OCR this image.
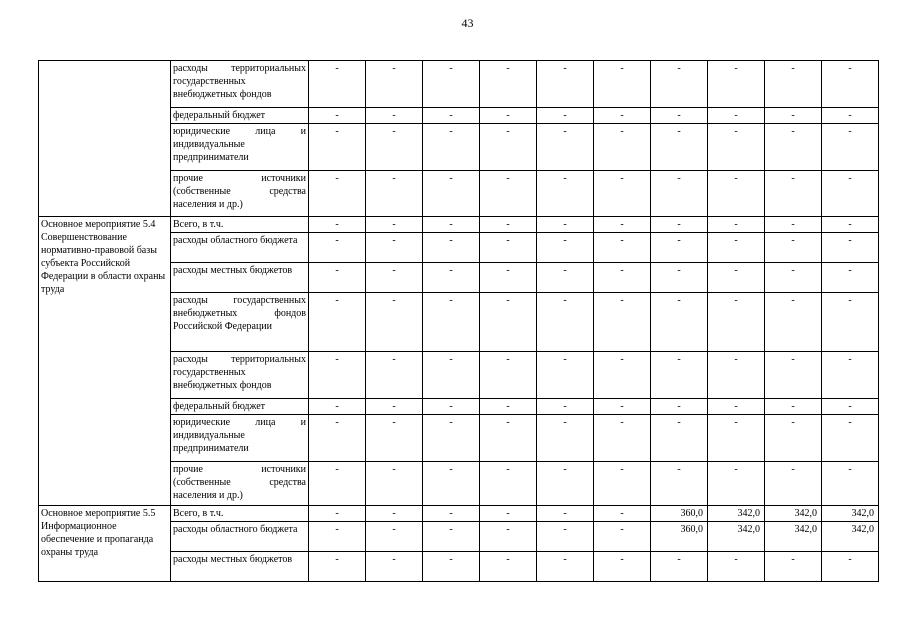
43
	расходы территориальных государственных внебюджетных фондов	-	-	-	-	-	-	-	-	-	-
	федеральный бюджет	-	-	-	-	-	-	-	-	-	-
	юридические лица и индивидуальные предприниматели	-	-	-	-	-	-	-	-	-	-
	прочие источники (собственные средства населения и др.)	-	-	-	-	-	-	-	-	-	-
Основное мероприятие 5.4 Совершенствование нормативно-правовой базы субъекта Российской Федерации в области охраны труда	Всего, в т.ч.	-	-	-	-	-	-	-	-	-	-
	расходы областного бюджета	-	-	-	-	-	-	-	-	-	-
	расходы местных бюджетов	-	-	-	-	-	-	-	-	-	-
	расходы государственных внебюджетных фондов Российской Федерации	-	-	-	-	-	-	-	-	-	-
	расходы территориальных государственных внебюджетных фондов	-	-	-	-	-	-	-	-	-	-
	федеральный бюджет	-	-	-	-	-	-	-	-	-	-
	юридические лица и индивидуальные предприниматели	-	-	-	-	-	-	-	-	-	-
	прочие источники (собственные средства населения и др.)	-	-	-	-	-	-	-	-	-	-
Основное мероприятие 5.5 Информационное обеспечение и пропаганда охраны труда	Всего, в т.ч.	-	-	-	-	-	-	360,0	342,0	342,0	342,0
	расходы областного бюджета	-	-	-	-	-	-	360,0	342,0	342,0	342,0
	расходы местных бюджетов	-	-	-	-	-	-	-	-	-	-
